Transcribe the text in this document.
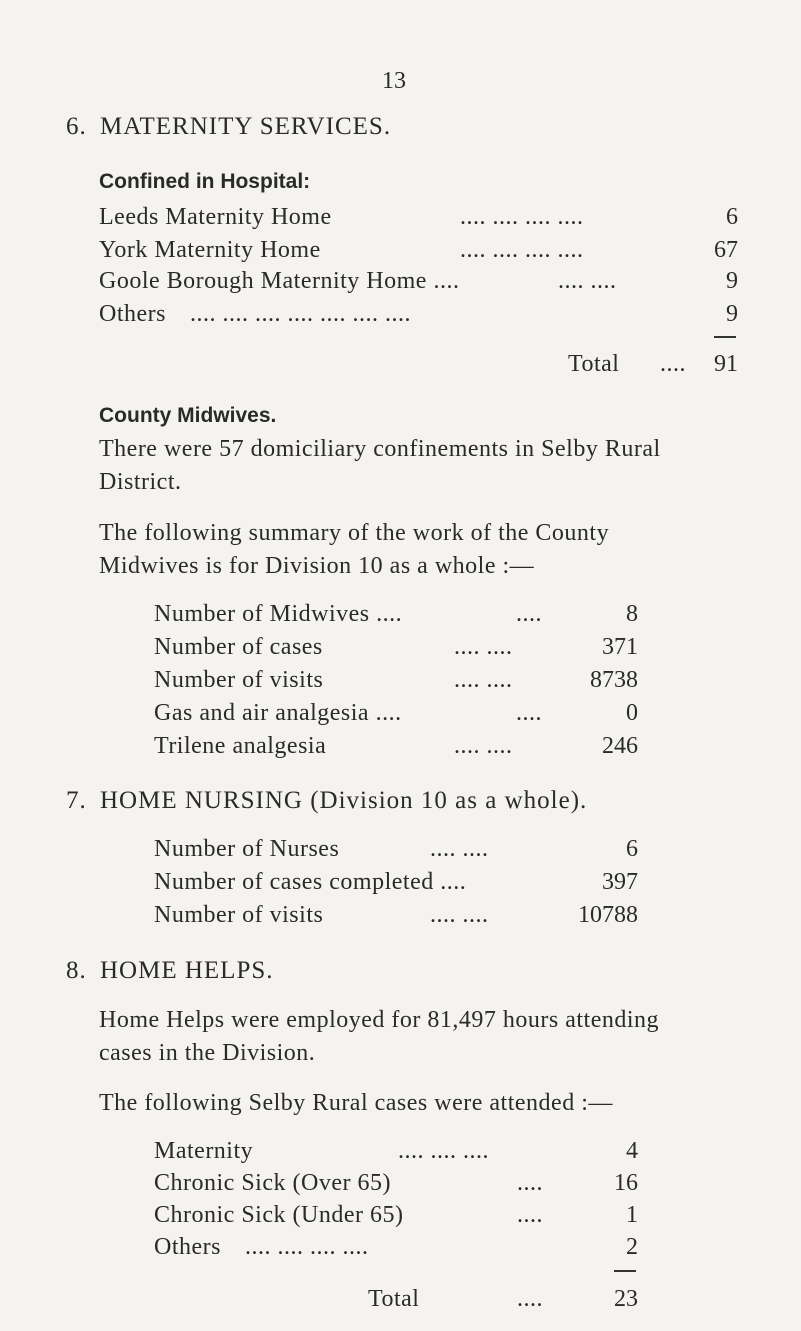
13
6. MATERNITY SERVICES.
Confined in Hospital:
Leeds Maternity Home	.... .... .... ....	6
York Maternity Home	.... .... .... ....	67
Goole Borough Maternity Home ....	.... ....	9
Others .... .... .... .... .... .... ....	9
Total .... 91
County Midwives.
There were 57 domiciliary confinements in Selby Rural
District.
The following summary of the work of the County
Midwives is for Division 10 as a whole :—
Number of Midwives ....	....	8
Number of cases	.... ....	371
Number of visits	.... ....	8738
Gas and air analgesia ....	....	0
Trilene analgesia	.... ....	246
7. HOME NURSING (Division 10 as a whole).
Number of Nurses	.... ....	6
Number of cases completed ....	397
Number of visits	.... ....	10788
8. HOME HELPS.
Home Helps were employed for 81,497 hours attending
cases in the Division.
The following Selby Rural cases were attended :—
Maternity	.... .... ....	4
Chronic Sick (Over 65)	....	16
Chronic Sick (Under 65)	....	1
Others .... .... .... ....	2
Total	....	23
